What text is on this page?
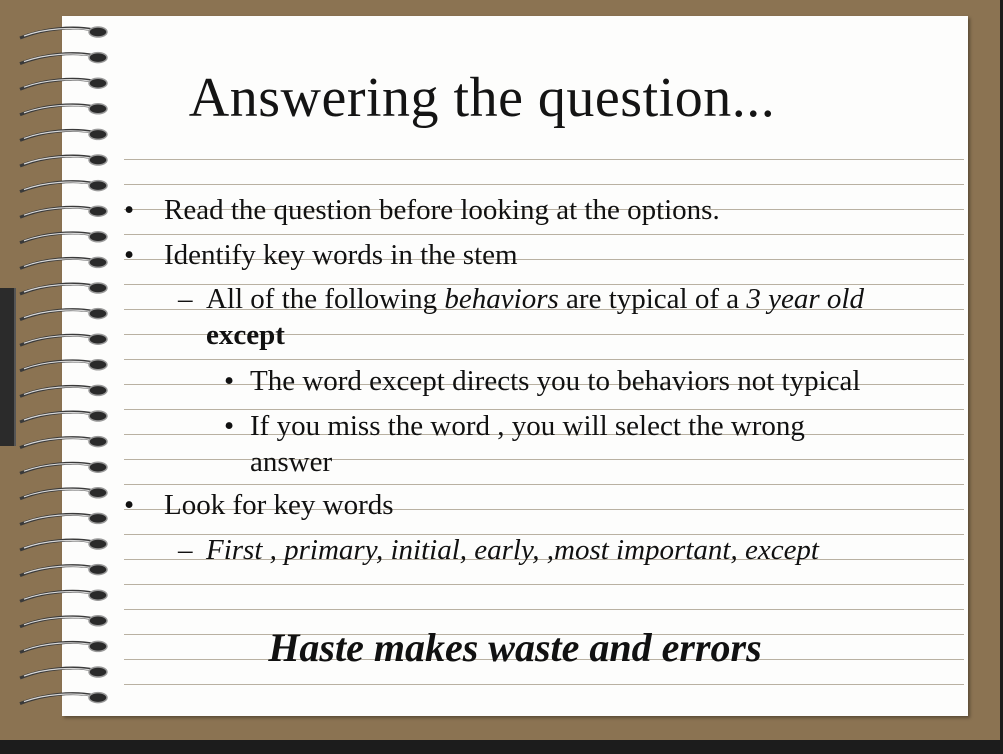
Answering the question...
• Read the question before looking at the options.
• Identify key words in the stem
– All of the following behaviors are typical of a 3 year old
except
• The word except directs you to behaviors not typical
• If you miss the word , you will select the wrong
answer
• Look for key words
– First , primary, initial, early, ,most important, except
Haste makes waste and errors
